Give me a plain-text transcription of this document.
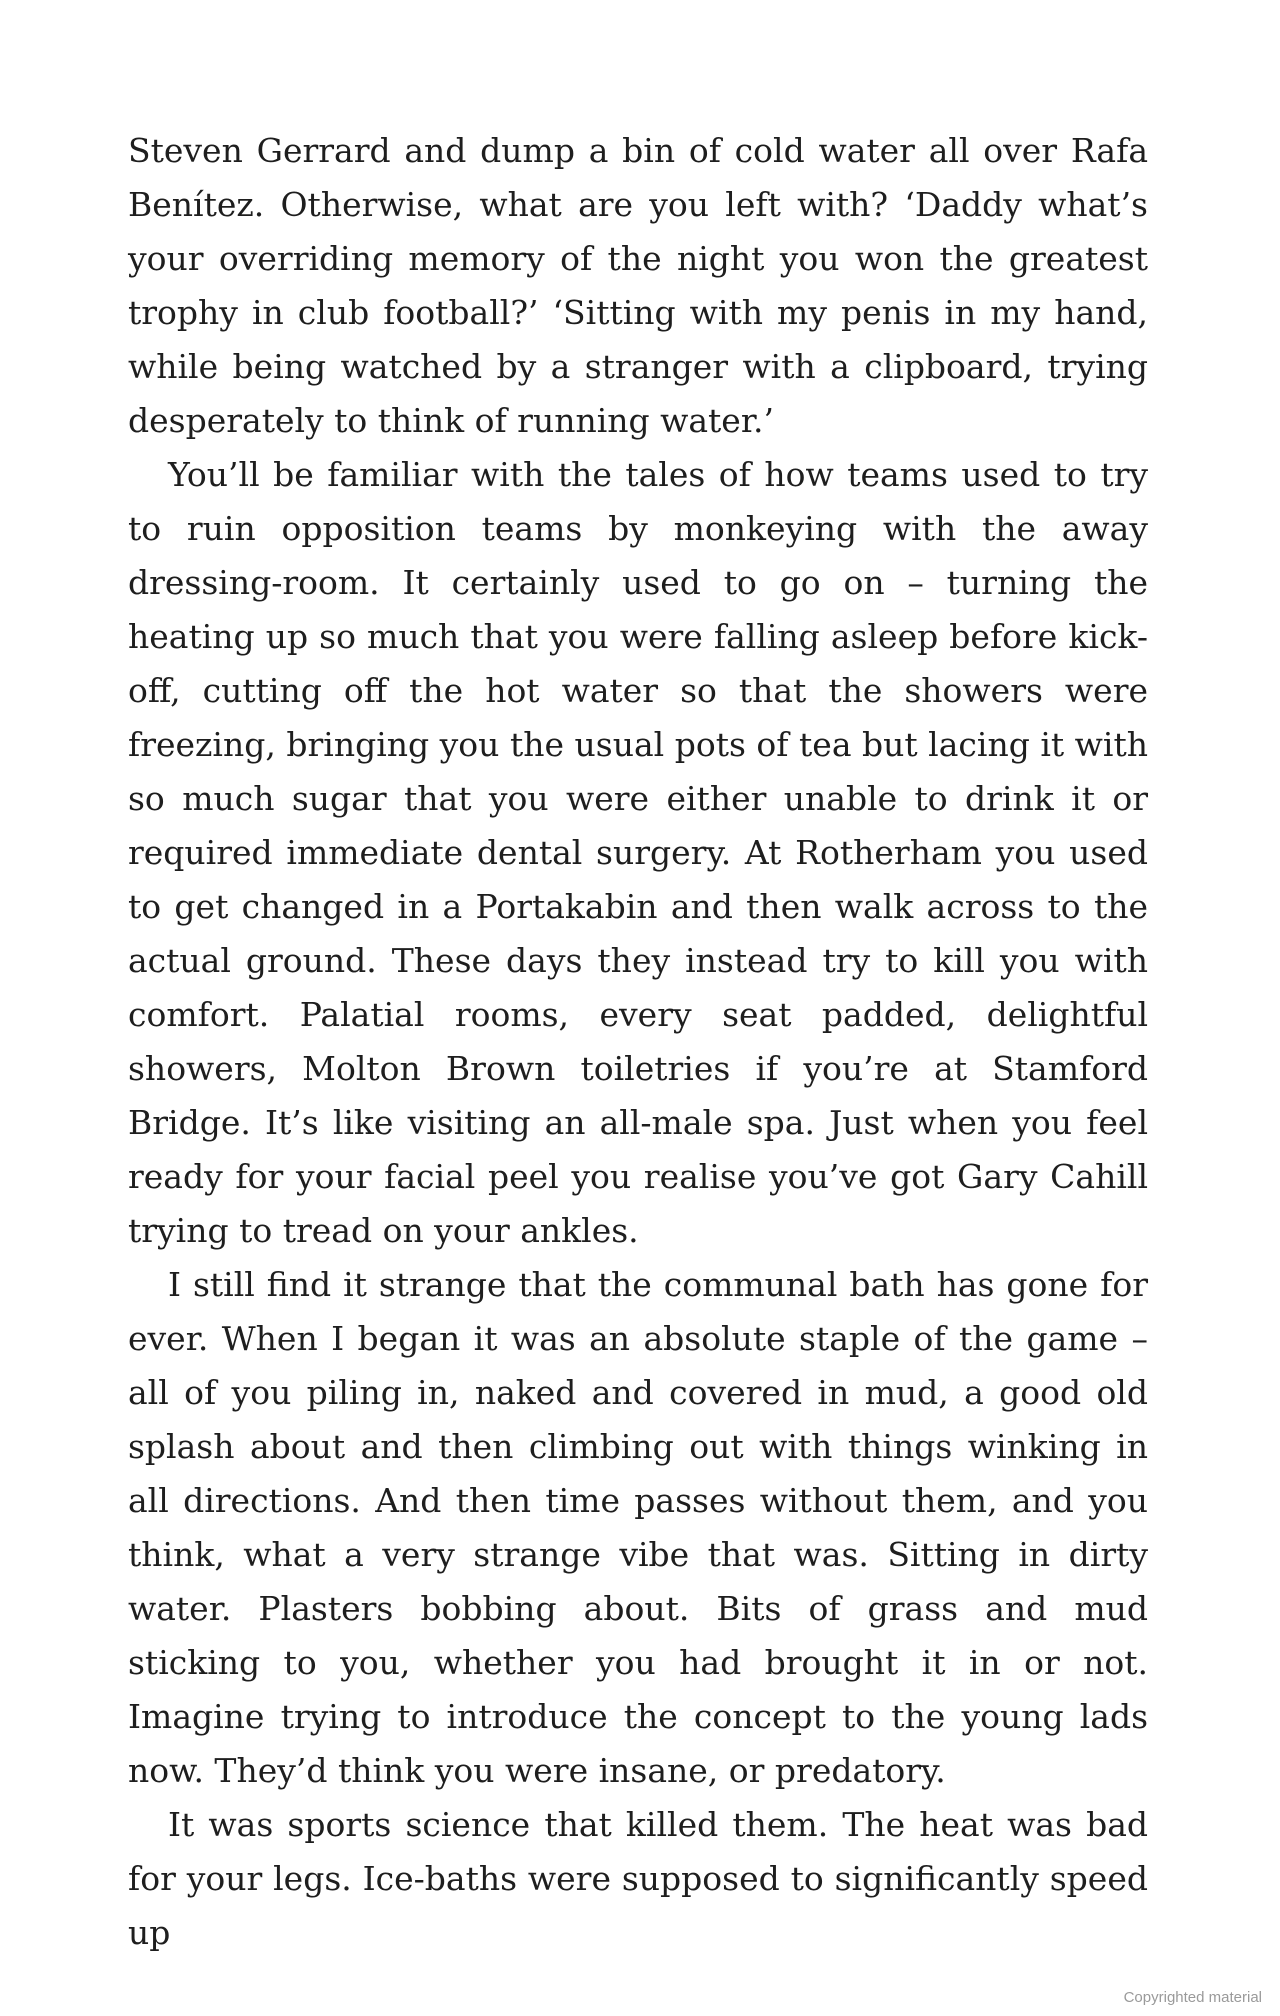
Steven Gerrard and dump a bin of cold water all over Rafa Benítez. Otherwise, what are you left with? ‘Daddy what’s your overriding memory of the night you won the greatest trophy in club football?’ ‘Sitting with my penis in my hand, while being watched by a stranger with a clipboard, trying desperately to think of running water.’

You’ll be familiar with the tales of how teams used to try to ruin opposition teams by monkeying with the away dressing-room. It certainly used to go on – turning the heating up so much that you were falling asleep before kick-off, cutting off the hot water so that the showers were freezing, bringing you the usual pots of tea but lacing it with so much sugar that you were either unable to drink it or required immediate dental surgery. At Rotherham you used to get changed in a Portakabin and then walk across to the actual ground. These days they instead try to kill you with comfort. Palatial rooms, every seat padded, delightful showers, Molton Brown toiletries if you’re at Stamford Bridge. It’s like visiting an all-male spa. Just when you feel ready for your facial peel you realise you’ve got Gary Cahill trying to tread on your ankles.

I still find it strange that the communal bath has gone for ever. When I began it was an absolute staple of the game – all of you piling in, naked and covered in mud, a good old splash about and then climbing out with things winking in all directions. And then time passes without them, and you think, what a very strange vibe that was. Sitting in dirty water. Plasters bobbing about. Bits of grass and mud sticking to you, whether you had brought it in or not. Imagine trying to introduce the concept to the young lads now. They’d think you were insane, or predatory.

It was sports science that killed them. The heat was bad for your legs. Ice-baths were supposed to significantly speed up

Copyrighted material
